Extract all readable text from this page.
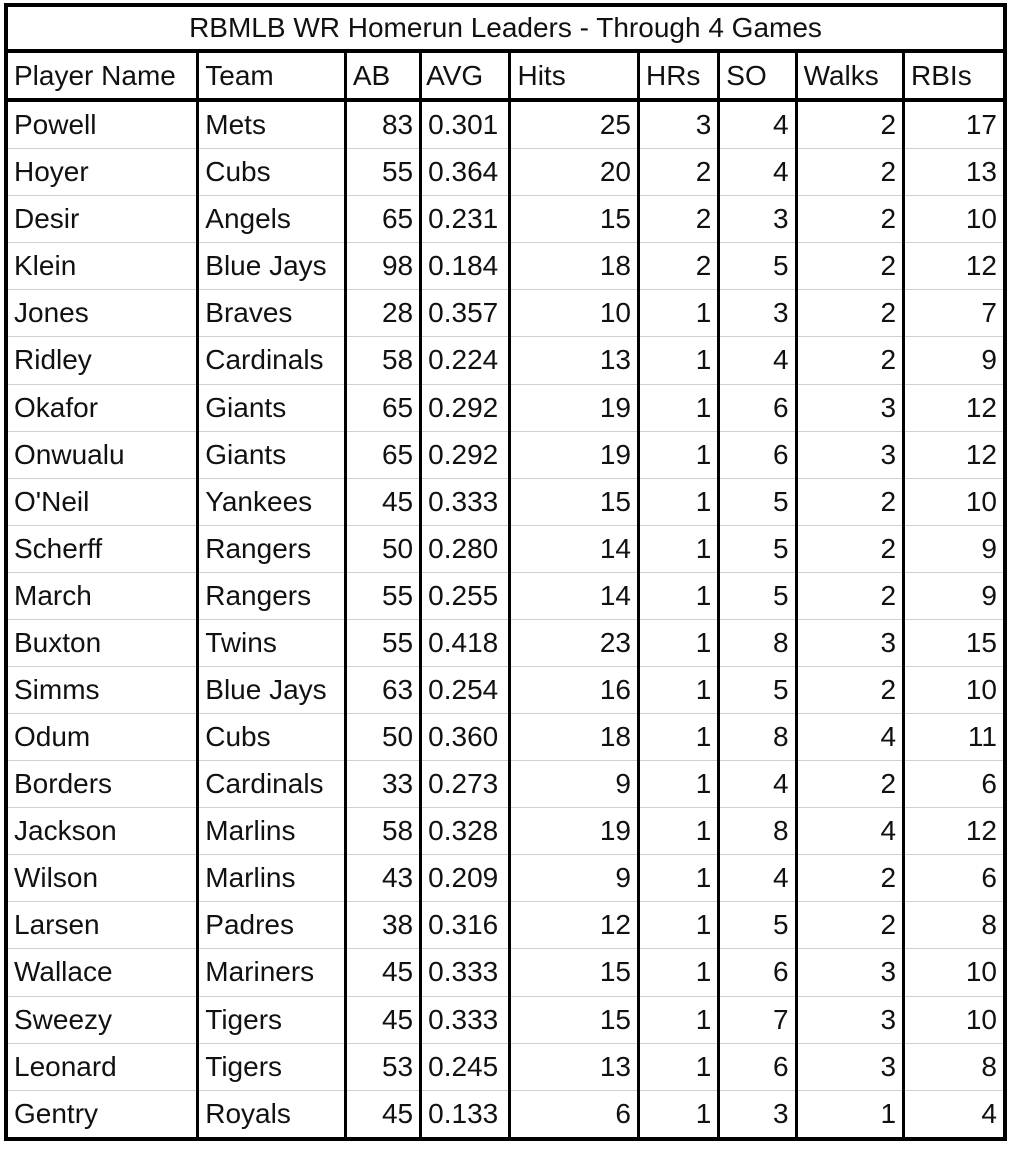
RBMLB WR Homerun Leaders - Through 4 Games								
Player Name	Team	AB	AVG	Hits	HRs	SO	Walks	RBIs
Powell	Mets	83	0.301	25	3	4	2	17
Hoyer	Cubs	55	0.364	20	2	4	2	13
Desir	Angels	65	0.231	15	2	3	2	10
Klein	Blue Jays	98	0.184	18	2	5	2	12
Jones	Braves	28	0.357	10	1	3	2	7
Ridley	Cardinals	58	0.224	13	1	4	2	9
Okafor	Giants	65	0.292	19	1	6	3	12
Onwualu	Giants	65	0.292	19	1	6	3	12
O'Neil	Yankees	45	0.333	15	1	5	2	10
Scherff	Rangers	50	0.280	14	1	5	2	9
March	Rangers	55	0.255	14	1	5	2	9
Buxton	Twins	55	0.418	23	1	8	3	15
Simms	Blue Jays	63	0.254	16	1	5	2	10
Odum	Cubs	50	0.360	18	1	8	4	11
Borders	Cardinals	33	0.273	9	1	4	2	6
Jackson	Marlins	58	0.328	19	1	8	4	12
Wilson	Marlins	43	0.209	9	1	4	2	6
Larsen	Padres	38	0.316	12	1	5	2	8
Wallace	Mariners	45	0.333	15	1	6	3	10
Sweezy	Tigers	45	0.333	15	1	7	3	10
Leonard	Tigers	53	0.245	13	1	6	3	8
Gentry	Royals	45	0.133	6	1	3	1	4
